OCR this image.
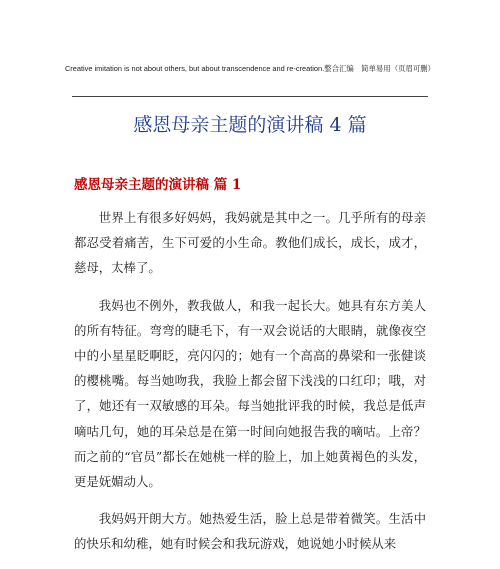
Creative imitation is not about others, but about transcendence and re-creation.整合汇编　简单易用（页眉可删）
感恩母亲主题的演讲稿 4 篇
感恩母亲主题的演讲稿 篇 1

世界上有很多好妈妈，我妈就是其中之一。几乎所有的母亲都忍受着痛苦，生下可爱的小生命。教他们成长，成长，成才，慈母，太棒了。

我妈也不例外，教我做人，和我一起长大。她具有东方美人的所有特征。弯弯的睫毛下，有一双会说话的大眼睛，就像夜空中的小星星眨啊眨，亮闪闪的；她有一个高高的鼻梁和一张健谈的樱桃嘴。每当她吻我，我脸上都会留下浅浅的口红印；哦，对了，她还有一双敏感的耳朵。每当她批评我的时候，我总是低声嘀咕几句，她的耳朵总是在第一时间向她报告我的嘀咕。上帝？而之前的“官员”都长在她桃一样的脸上，加上她黄褐色的头发，更是妩媚动人。

我妈妈开朗大方。她热爱生活，脸上总是带着微笑。生活中的快乐和幼稚，她有时候会和我玩游戏，她说她小时候从来
